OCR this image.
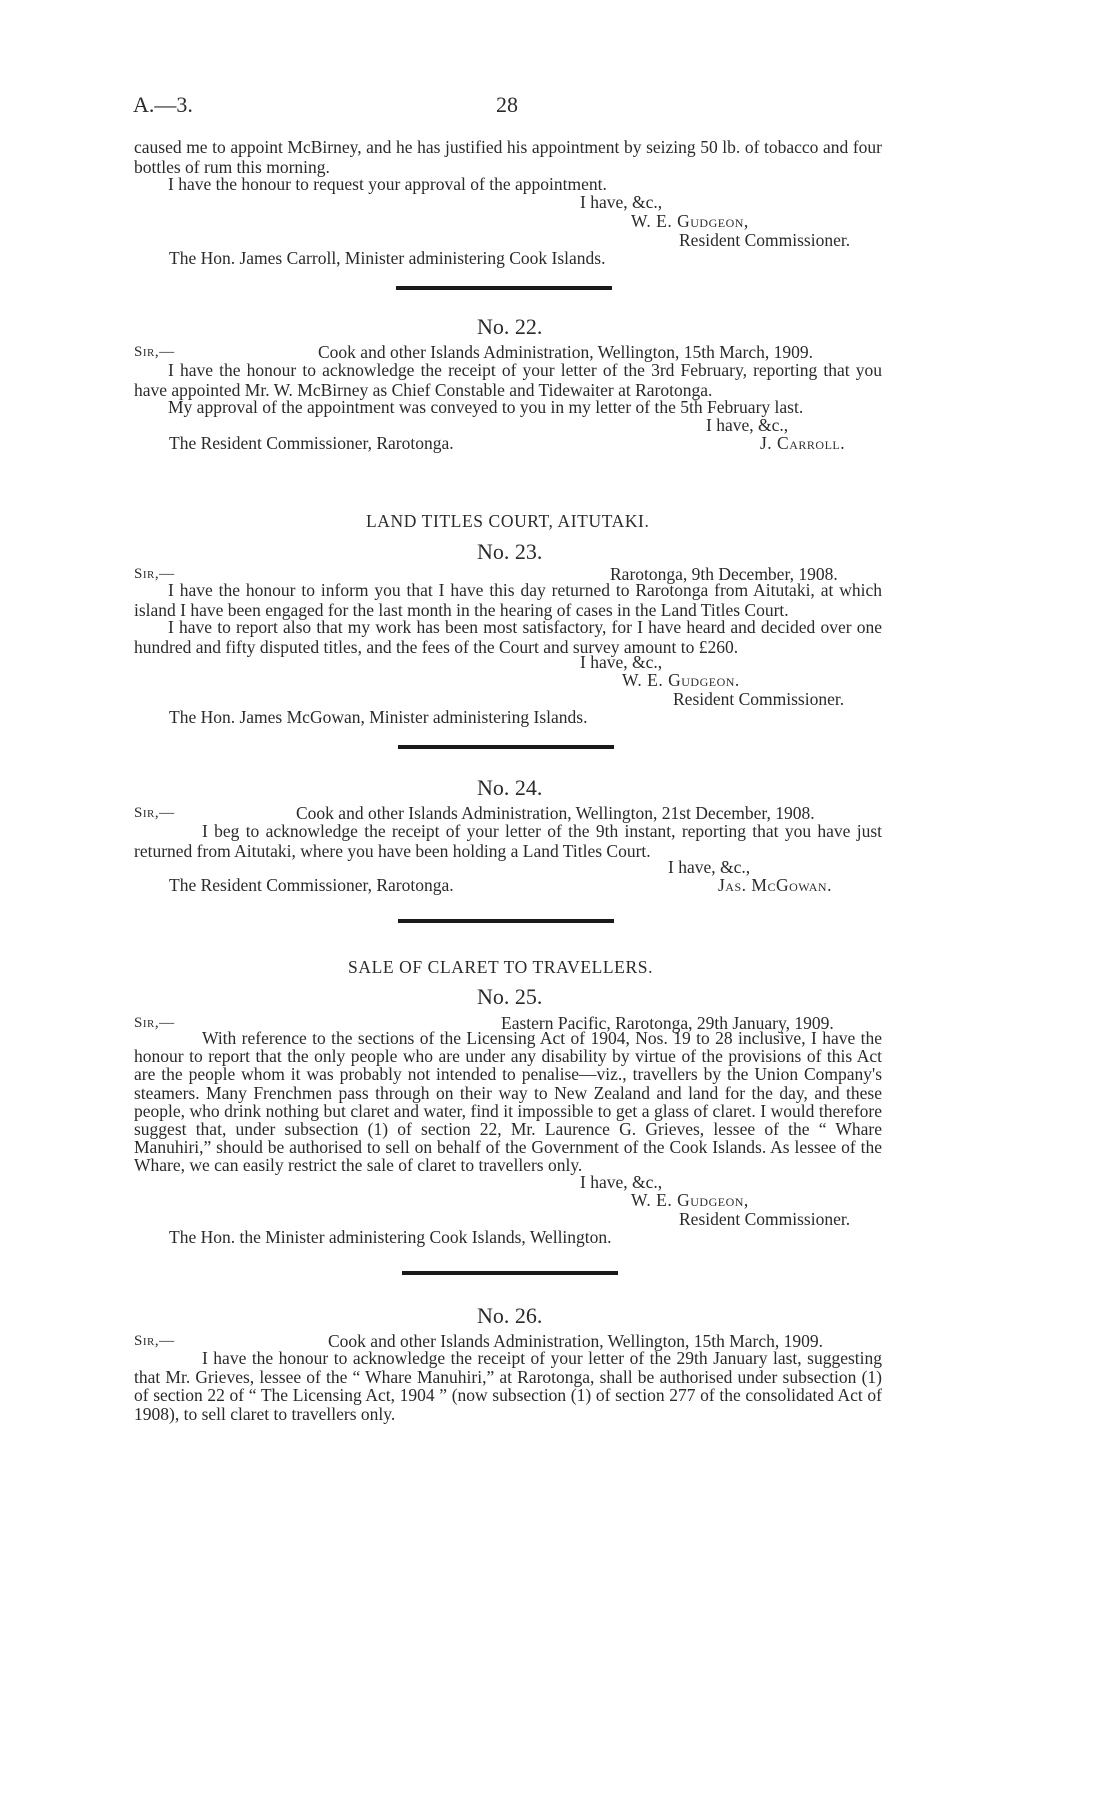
A.—3.	28
caused me to appoint McBirney, and he has justified his appointment by seizing 50 lb. of tobacco and four bottles of rum this morning.
I have the honour to request your approval of the appointment.
I have, &c.,
W. E. Gudgeon,
Resident Commissioner.
The Hon. James Carroll, Minister administering Cook Islands.
No. 22.
Sir,—	Cook and other Islands Administration, Wellington, 15th March, 1909.
I have the honour to acknowledge the receipt of your letter of the 3rd February, reporting that you have appointed Mr. W. McBirney as Chief Constable and Tidewaiter at Rarotonga.
My approval of the appointment was conveyed to you in my letter of the 5th February last.
I have, &c.,
The Resident Commissioner, Rarotonga.	J. Carroll.
LAND TITLES COURT, AITUTAKI.
No. 23.
Sir,—	Rarotonga, 9th December, 1908.
I have the honour to inform you that I have this day returned to Rarotonga from Aitutaki, at which island I have been engaged for the last month in the hearing of cases in the Land Titles Court.
I have to report also that my work has been most satisfactory, for I have heard and decided over one hundred and fifty disputed titles, and the fees of the Court and survey amount to £260.
I have, &c.,
W. E. Gudgeon.
Resident Commissioner.
The Hon. James McGowan, Minister administering Islands.
No. 24.
Sir,—	Cook and other Islands Administration, Wellington, 21st December, 1908.
I beg to acknowledge the receipt of your letter of the 9th instant, reporting that you have just returned from Aitutaki, where you have been holding a Land Titles Court.
I have, &c.,
The Resident Commissioner, Rarotonga.	Jas. McGowan.
SALE OF CLARET TO TRAVELLERS.
No. 25.
Sir,—	Eastern Pacific, Rarotonga, 29th January, 1909.
With reference to the sections of the Licensing Act of 1904, Nos. 19 to 28 inclusive, I have the honour to report that the only people who are under any disability by virtue of the provisions of this Act are the people whom it was probably not intended to penalise—viz., travellers by the Union Company's steamers. Many Frenchmen pass through on their way to New Zealand and land for the day, and these people, who drink nothing but claret and water, find it impossible to get a glass of claret. I would therefore suggest that, under subsection (1) of section 22, Mr. Laurence G. Grieves, lessee of the “ Whare Manuhiri,” should be authorised to sell on behalf of the Government of the Cook Islands. As lessee of the Whare, we can easily restrict the sale of claret to travellers only.
I have, &c.,
W. E. Gudgeon,
Resident Commissioner.
The Hon. the Minister administering Cook Islands, Wellington.
No. 26.
Sir,—	Cook and other Islands Administration, Wellington, 15th March, 1909.
I have the honour to acknowledge the receipt of your letter of the 29th January last, suggesting that Mr. Grieves, lessee of the “ Whare Manuhiri,” at Rarotonga, shall be authorised under subsection (1) of section 22 of “ The Licensing Act, 1904 ” (now subsection (1) of section 277 of the consolidated Act of 1908), to sell claret to travellers only.
